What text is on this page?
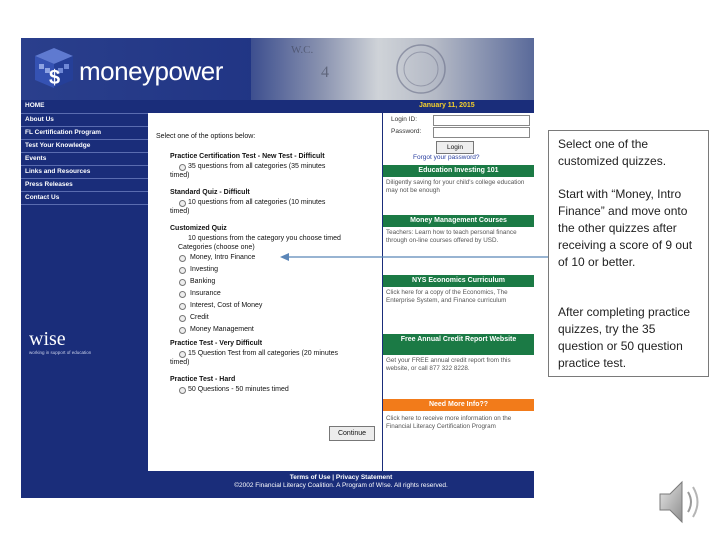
$ moneypower
W.C.
4
HOME
About Us
FL Certification Program
Test Your Knowledge
Events
Links and Resources
Press Releases
Contact Us
wise
working in support of education
January 11, 2015
Select one of the options below:
Practice Certification Test - New Test - Difficult
35 questions from all categories (35 minutes
timed)
Standard Quiz - Difficult
10 questions from all categories (10 minutes
timed)
Customized Quiz
10 questions from the category you choose timed
Categories (choose one)
Money, Intro Finance
Investing
Banking
Insurance
Interest, Cost of Money
Credit
Money Management
Practice Test - Very Difficult
15 Question Test from all categories (20 minutes
timed)
Practice Test - Hard
50 Questions - 50 minutes timed
Continue
Login ID:
Password:
Login
Forgot your password?
Education Investing 101
Diligently saving for your child's college education may not be enough
Money Management Courses
Teachers: Learn how to teach personal finance through on-line courses offered by USD.
NYS Economics Curriculum
Click here for a copy of the Economics, The Enterprise System, and Finance curriculum
Free Annual Credit Report Website
Get your FREE annual credit report from this website, or call 877 322 8228.
Need More Info??
Click here to receive more information on the Financial Literacy Certification Program
Terms of Use | Privacy Statement
©2002 Financial Literacy Coalition. A Program of W!se. All rights reserved.

Select one of the customized quizzes.

Start with “Money, Intro Finance” and move onto the other quizzes after receiving a score of 9 out of 10 or better.

After completing practice quizzes, try the 35 question or 50 question practice test.
